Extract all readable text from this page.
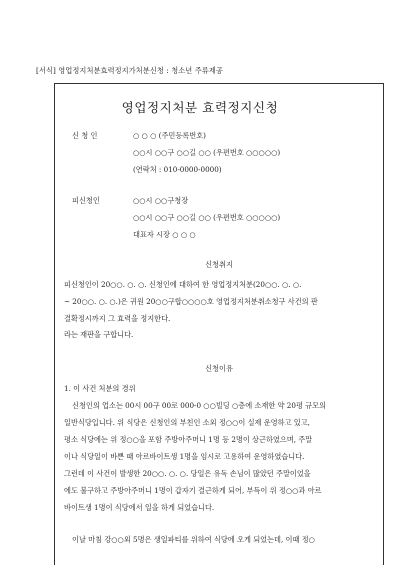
[서식] 영업정지처분효력정지가처분신청 : 청소년 주류제공
영업정지처분 효력정지신청
신 청 인	○ ○ ○ (주민등록번호)
○○시 ○○구 ○○길 ○○ (우편번호 ○○○○○)
(연락처 : 010-0000-0000)
피신청인	○○시 ○○구청장
○○시 ○○구 ○○길 ○○ (우편번호 ○○○○○)
대표자 시장 ○ ○ ○
신청취지
피신청인이 20○○. ○. ○. 신청인에 대하여 한 영업정지처분(20○○. ○. ○.
~ 20○○. ○. ○.)은 귀원 20○○구합○○○○호 영업정지처분취소청구 사건의 판
결확정시까지 그 효력을 정지한다.
라는 재판을 구합니다.
신청이유
1. 이 사건 처분의 경위
신청인의 업소는 00시 00구 00로 000-0 ○○빌딩 ○층에 소재한 약 20평 규모의
일반식당입니다. 위 식당은 신청인의 부친인 소외 정○○이 실제 운영하고 있고,
평소 식당에는 위 정○○을 포함 주방아주머니 1명 등 2명이 상근하였으며, 주말
이나 식당일이 바쁜 때 아르바이트생 1명을 임시로 고용하여 운영하였습니다.
그런데 이 사건이 발생한 20○○. ○. ○. 당일은 유독 손님이 많았던 주말이었을
에도 불구하고 주방아주머니 1명이 갑자기 결근하게 되어, 부득이 위 정○○과 아르
바이트생 1명이 식당에서 일을 하게 되었습니다.
이날 마침 강○○외 5명은 생일파티를 위하여 식당에 오게 되었는데, 이때 정○
